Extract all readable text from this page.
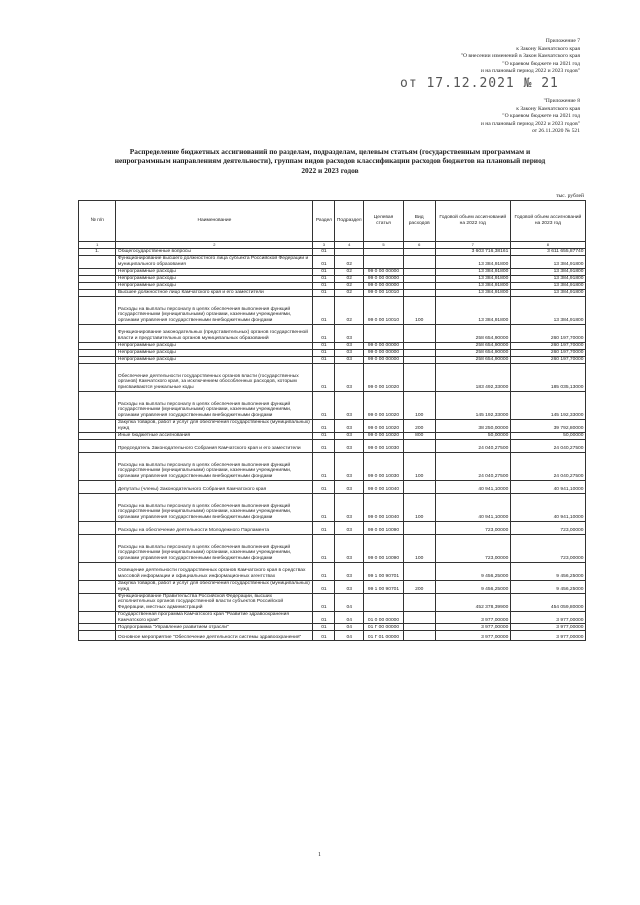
Приложение 7
к Закону Камчатского края
"О внесении изменений в Закон Камчатского края
"О краевом бюджете на 2021 год
и на плановый период 2022 и 2023 годов"
от 17.12.2021 № 21
"Приложение 8
к Закону Камчатского края
"О краевом бюджете на 2021 год
и на плановый период 2022 и 2023 годов"
от 26.11.2020 № 521
Распределение бюджетных ассигнований по разделам, подразделам, целевым статьям (государственным программам и непрограммным направлениям деятельности), группам видов расходов классификации расходов бюджетов на плановый период 2022 и 2023 годов
тыс. рублей
№ п/п	Наименование	Раздел	Подраздел	Целевая статья	Вид расходов	Годовой объем ассигнований на 2022 год	Годовой объем ассигнований на 2023 год
1	2	3	4	5	6	7	8
1.	Общегосударственные вопросы	01				3 603 716,38161	3 611 655,87740
	Функционирование высшего должностного лица субъекта Российской Федерации и муниципального образования	01	02			13 384,91800	13 384,91800
	Непрограммные расходы	01	02	99 0 00 00000		13 384,91800	13 384,91800
	Непрограммные расходы	01	02	99 0 00 00000		13 384,91800	13 384,91800
	Непрограммные расходы	01	02	99 0 00 00000		13 384,91800	13 384,91800
	Высшее должностное лицо Камчатского края и его заместители	01	02	99 0 00 10010		13 384,91800	13 384,91800
	Расходы на выплаты персоналу в целях обеспечения выполнения функций государственными (муниципальными) органами, казенными учреждениями, органами управления государственными внебюджетными фондами	01	02	99 0 00 10010	100	13 384,91800	13 384,91800
	Функционирование законодательных (представительных) органов государственной власти и представительных органов муниципальных образований	01	03			258 654,90000	260 197,70000
	Непрограммные расходы	01	03	99 0 00 00000		258 654,90000	260 197,70000
	Непрограммные расходы	01	03	99 0 00 00000		258 654,90000	260 197,70000
	Непрограммные расходы	01	03	99 0 00 00000		258 654,90000	260 197,70000
	Обеспечение деятельности государственных органов власти (государственных органов) Камчатского края, за исключением обособленных расходов, которым присваиваются уникальные коды	01	03	99 0 00 10020		183 492,33000	185 035,13000
	Расходы на выплаты персоналу в целях обеспечения выполнения функций государственными (муниципальными) органами, казенными учреждениями, органами управления государственными внебюджетными фондами	01	03	99 0 00 10020	100	145 192,33000	145 192,33000
	Закупка товаров, работ и услуг для обеспечения государственных (муниципальных) нужд	01	03	99 0 00 10020	200	38 250,00000	39 792,80000
	Иные бюджетные ассигнования	01	03	99 0 00 10020	800	50,00000	50,00000
	Председатель Законодательного Собрания Камчатского края и его заместители	01	03	99 0 00 10030		24 040,27500	24 040,27500
	Расходы на выплаты персоналу в целях обеспечения выполнения функций государственными (муниципальными) органами, казенными учреждениями, органами управления государственными внебюджетными фондами	01	03	99 0 00 10030	100	24 040,27500	24 040,27500
	Депутаты (члены) Законодательного Собрания Камчатского края	01	03	99 0 00 10040		40 941,10000	40 941,10000
	Расходы на выплаты персоналу в целях обеспечения выполнения функций государственными (муниципальными) органами, казенными учреждениями, органами управления государственными внебюджетными фондами	01	03	99 0 00 10040	100	40 941,10000	40 941,10000
	Расходы на обеспечение деятельности Молодежного Парламента	01	03	99 0 00 10090		723,00000	723,00000
	Расходы на выплаты персоналу в целях обеспечения выполнения функций государственными (муниципальными) органами, казенными учреждениями, органами управления государственными внебюджетными фондами	01	03	99 0 00 10090	100	723,00000	723,00000
	Освещение деятельности государственных органов Камчатского края в средствах массовой информации и официальных информационных агентствах	01	03	99 1 00 90701		9 456,25000	9 456,25000
	Закупка товаров, работ и услуг для обеспечения государственных (муниципальных) нужд	01	03	99 1 00 90701	200	9 456,25000	9 456,25000
	Функционирование Правительства Российской Федерации, высших исполнительных органов государственной власти субъектов Российской Федерации, местных администраций	01	04			452 378,39900	454 059,80000
	Государственная программа Камчатского края "Развитие здравоохранения Камчатского края"	01	04	01 0 00 00000		3 977,00000	3 977,00000
	Подпрограмма "Управление развитием отрасли"	01	04	01 Г 00 00000		3 977,00000	3 977,00000
	Основное мероприятие "Обеспечение деятельности системы здравоохранения"	01	04	01 Г 01 00000		3 977,00000	3 977,00000
1
